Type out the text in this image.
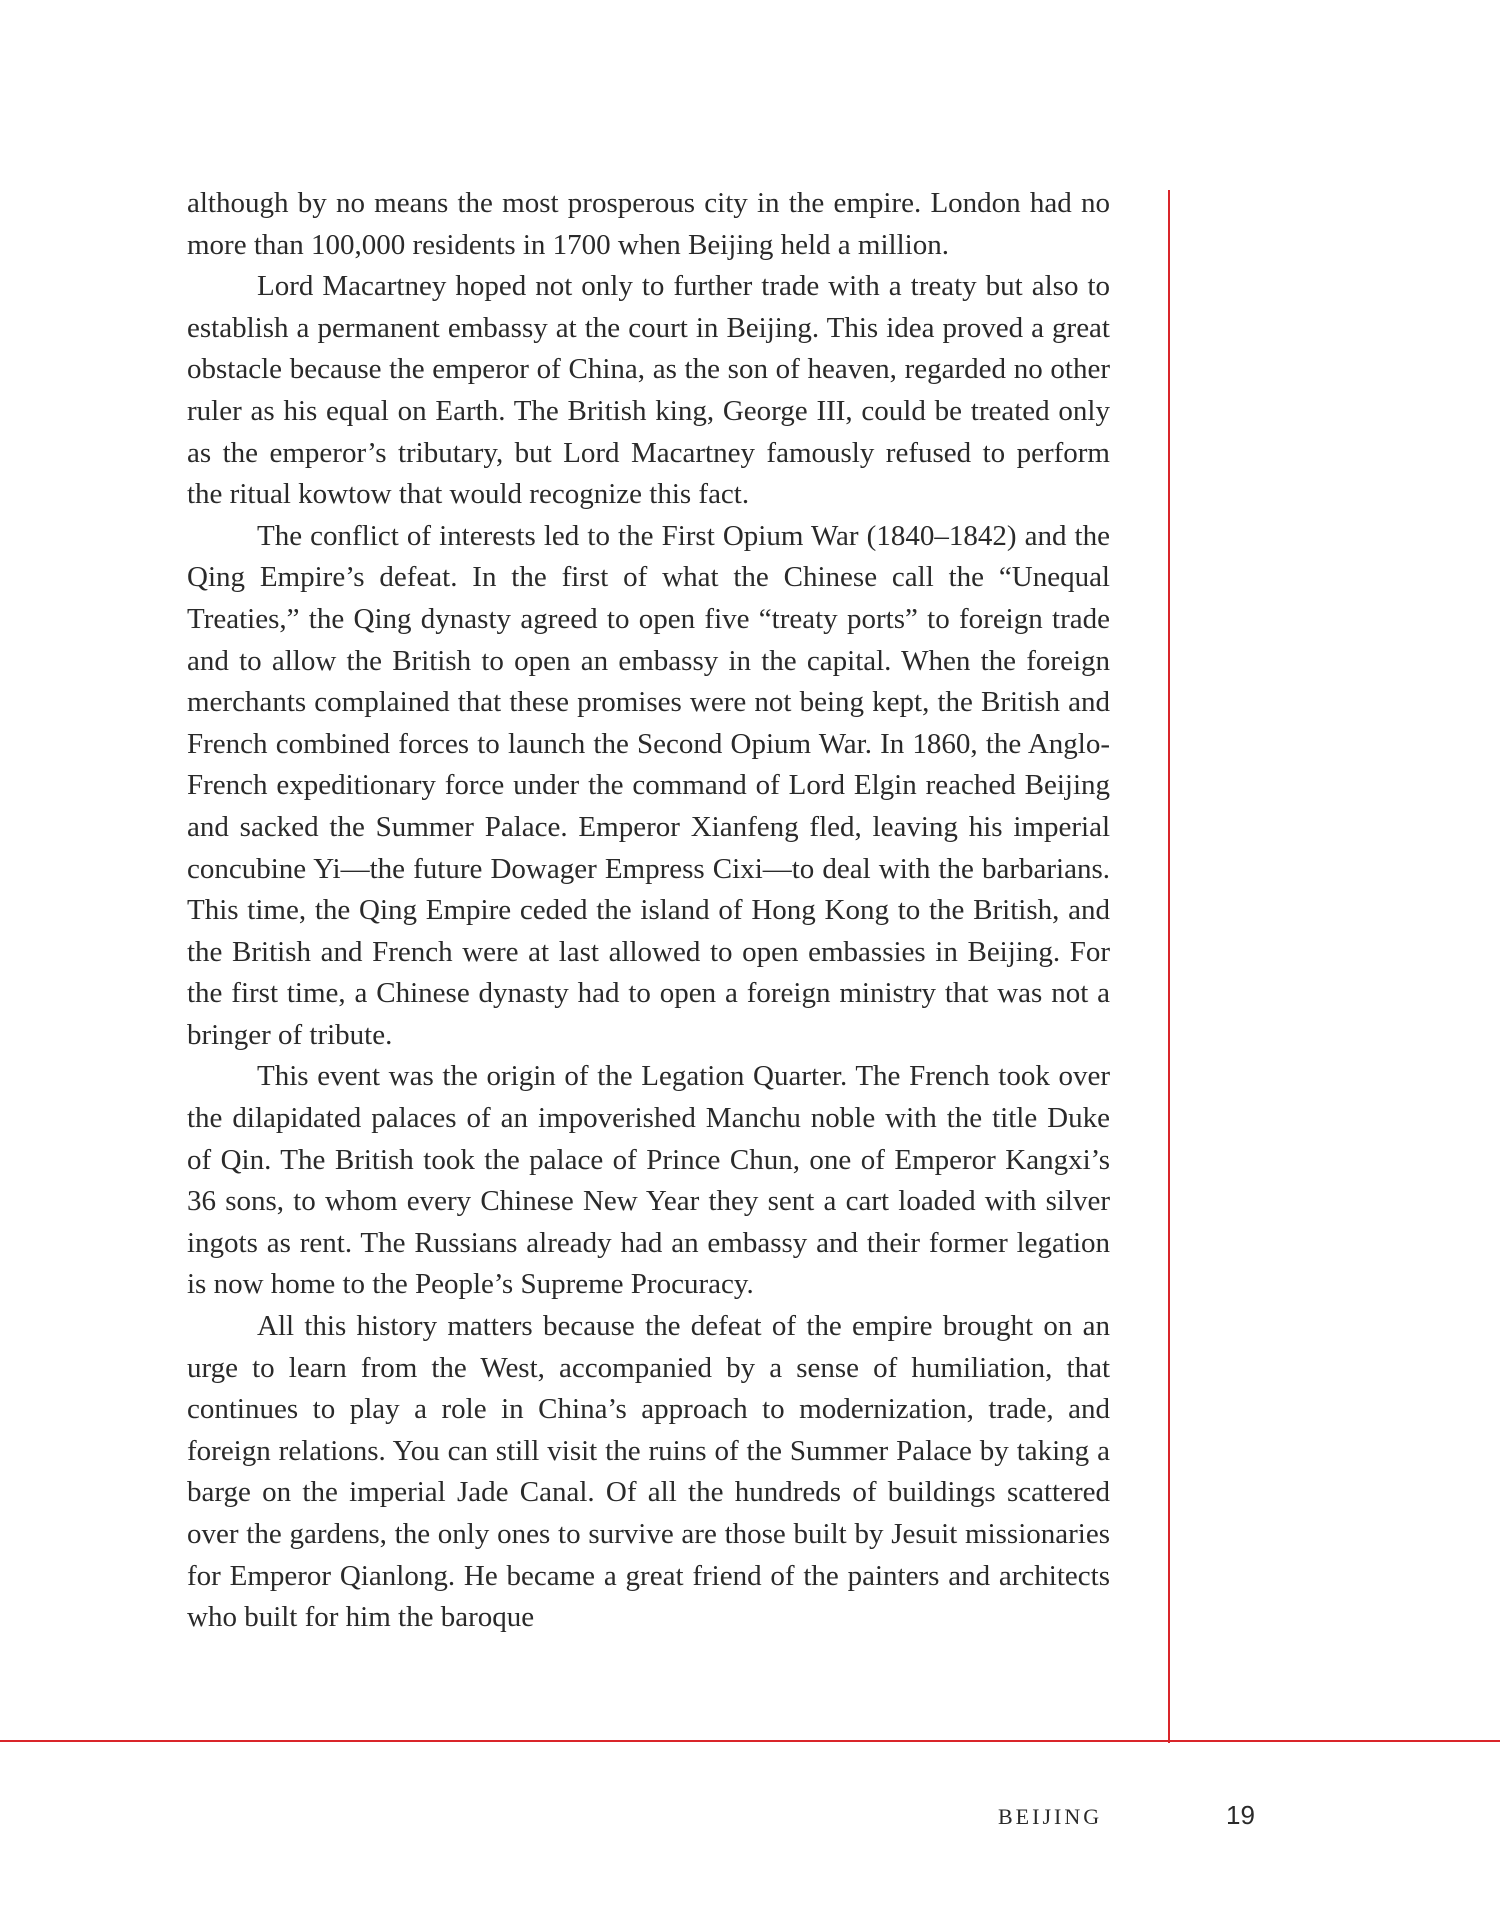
although by no means the most prosperous city in the empire. London had no more than 100,000 residents in 1700 when Beijing held a million.

Lord Macartney hoped not only to further trade with a treaty but also to establish a permanent embassy at the court in Beijing. This idea proved a great obstacle because the emperor of China, as the son of heaven, regarded no other ruler as his equal on Earth. The British king, George III, could be treated only as the emperor’s tributary, but Lord Macartney famously refused to perform the ritual kowtow that would recognize this fact.

The conflict of interests led to the First Opium War (1840–1842) and the Qing Empire’s defeat. In the first of what the Chinese call the “Unequal Treaties,” the Qing dynasty agreed to open five “treaty ports” to foreign trade and to allow the British to open an embassy in the capital. When the foreign merchants complained that these promises were not being kept, the British and French combined forces to launch the Second Opium War. In 1860, the Anglo-French expeditionary force under the command of Lord Elgin reached Beijing and sacked the Summer Palace. Emperor Xianfeng fled, leaving his imperial concubine Yi—the future Dowager Empress Cixi—to deal with the barbarians. This time, the Qing Empire ceded the island of Hong Kong to the British, and the British and French were at last allowed to open embassies in Beijing. For the first time, a Chinese dynasty had to open a foreign ministry that was not a bringer of tribute.

This event was the origin of the Legation Quarter. The French took over the dilapidated palaces of an impoverished Manchu noble with the title Duke of Qin. The British took the palace of Prince Chun, one of Emperor Kangxi’s 36 sons, to whom every Chinese New Year they sent a cart loaded with silver ingots as rent. The Russians already had an embassy and their former legation is now home to the People’s Supreme Procuracy.

All this history matters because the defeat of the empire brought on an urge to learn from the West, accompanied by a sense of humiliation, that continues to play a role in China’s approach to modernization, trade, and foreign relations. You can still visit the ruins of the Summer Palace by taking a barge on the imperial Jade Canal. Of all the hundreds of buildings scattered over the gardens, the only ones to survive are those built by Jesuit missionaries for Emperor Qianlong. He became a great friend of the painters and architects who built for him the baroque

BEIJING	19
